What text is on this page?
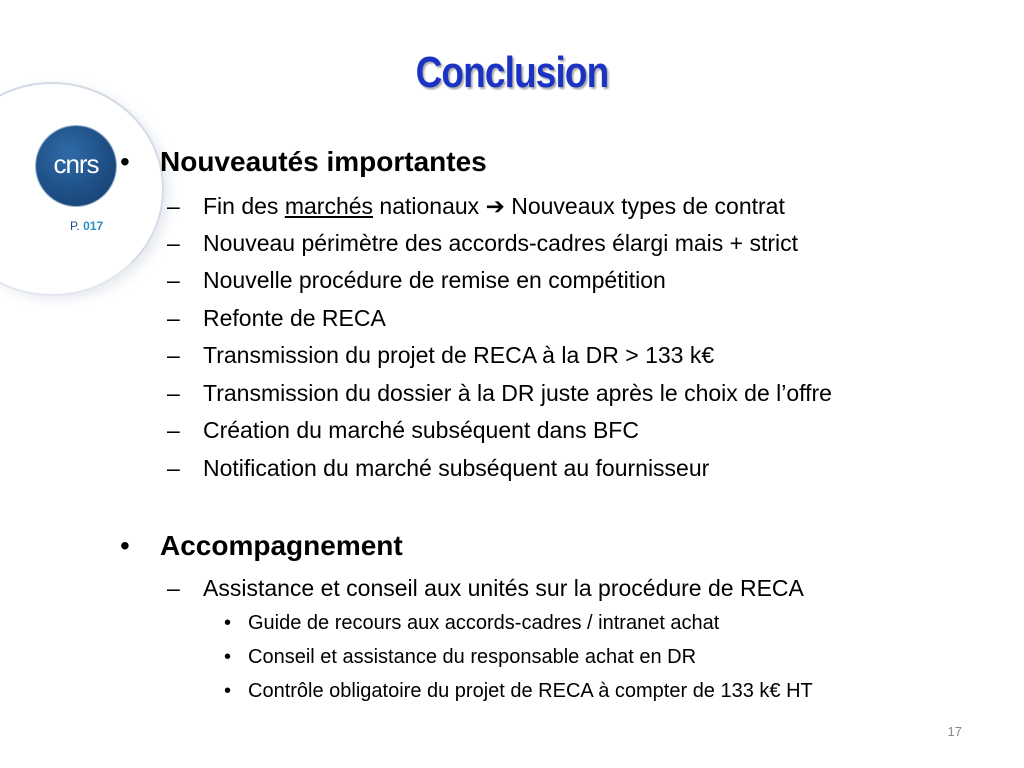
cnrs
P. 017
Conclusion
• Nouveautés importantes
– Fin des marchés nationaux ➔ Nouveaux types de contrat
– Nouveau périmètre des accords-cadres élargi mais + strict
– Nouvelle procédure de remise en compétition
– Refonte de RECA
– Transmission du projet de RECA à la DR > 133 k€
– Transmission du dossier à la DR juste après le choix de l’offre
– Création du marché subséquent dans BFC
– Notification du marché subséquent au fournisseur
• Accompagnement
– Assistance et conseil aux unités sur la procédure de RECA
• Guide de recours aux accords-cadres / intranet achat
• Conseil et assistance du responsable achat en DR
• Contrôle obligatoire du projet de RECA à compter de 133 k€ HT
17
